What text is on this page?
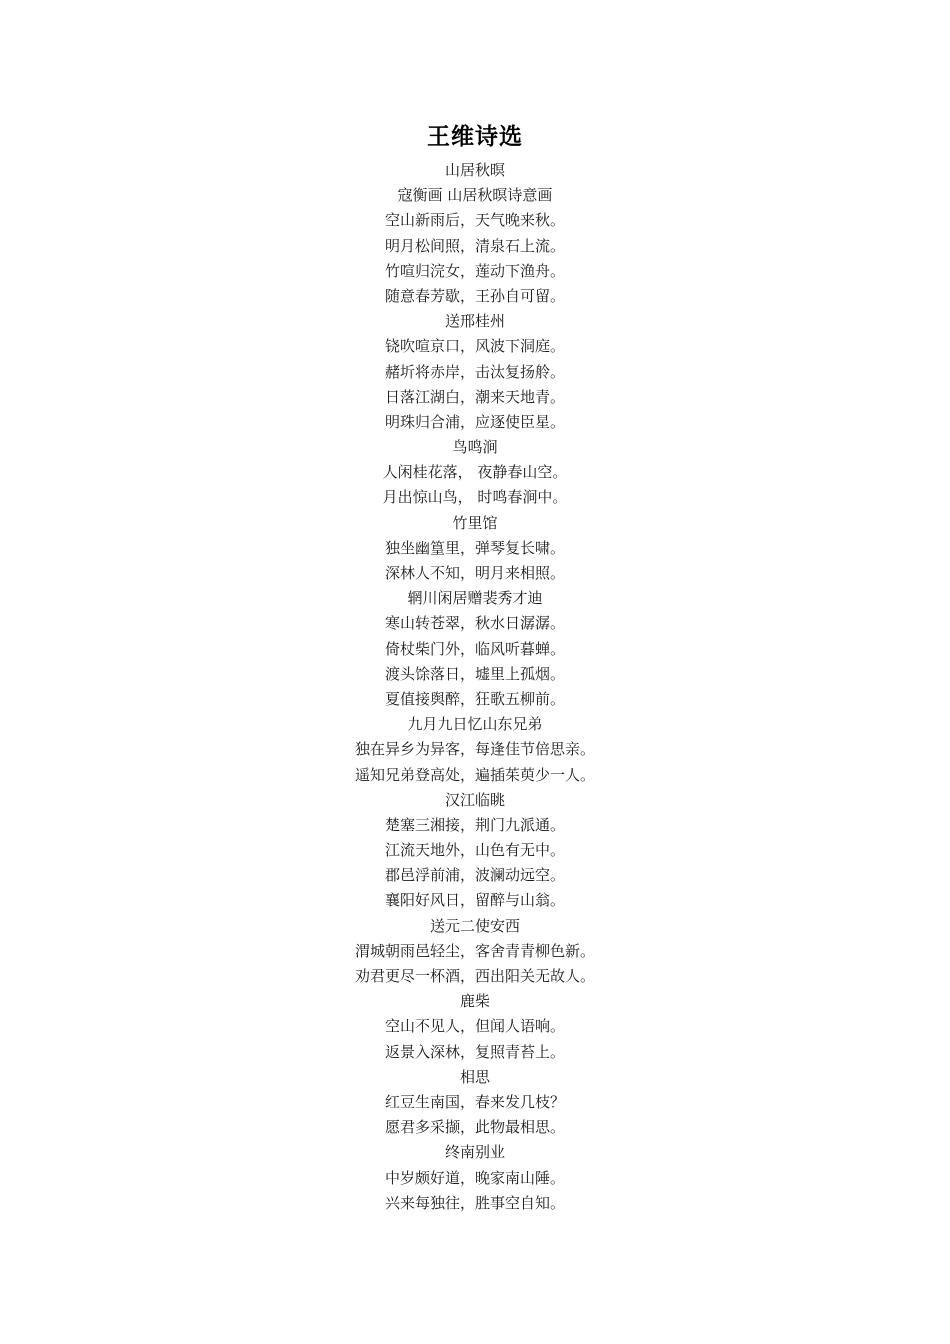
王维诗选
山居秋暝
寇衡画 山居秋暝诗意画
空山新雨后，天气晚来秋。
明月松间照，清泉石上流。
竹喧归浣女，莲动下渔舟。
随意春芳歇，王孙自可留。
送邢桂州
铙吹喧京口，风波下洞庭。
赭圻将赤岸，击汰复扬舲。
日落江湖白，潮来天地青。
明珠归合浦，应逐使臣星。
鸟鸣涧
人闲桂花落， 夜静春山空。
月出惊山鸟， 时鸣春涧中。
竹里馆
独坐幽篁里，弹琴复长啸。
深林人不知，明月来相照。
辋川闲居赠裴秀才迪
寒山转苍翠，秋水日潺潺。
倚杖柴门外，临风听暮蝉。
渡头馀落日，墟里上孤烟。
夏值接舆醉，狂歌五柳前。
九月九日忆山东兄弟
独在异乡为异客，每逢佳节倍思亲。
遥知兄弟登高处，遍插茱萸少一人。
汉江临眺
楚塞三湘接，荆门九派通。
江流天地外，山色有无中。
郡邑浮前浦，波澜动远空。
襄阳好风日，留醉与山翁。
送元二使安西
渭城朝雨邑轻尘，客舍青青柳色新。
劝君更尽一杯酒，西出阳关无故人。
鹿柴
空山不见人，但闻人语响。
返景入深林，复照青苔上。
相思
红豆生南国，春来发几枝？
愿君多采撷，此物最相思。
终南别业
中岁颇好道，晚家南山陲。
兴来每独往，胜事空自知。
